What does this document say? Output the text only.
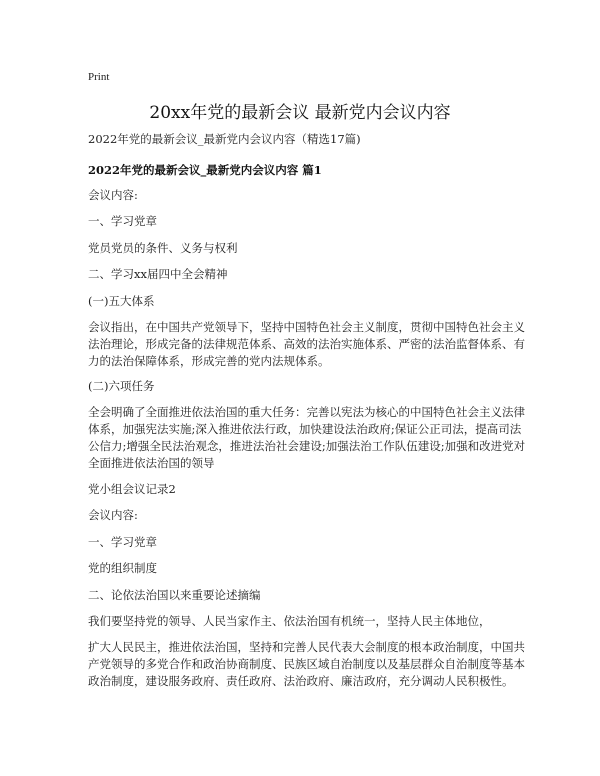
Print
20xx年党的最新会议 最新党内会议内容
2022年党的最新会议_最新党内会议内容（精选17篇)
2022年党的最新会议_最新党内会议内容 篇1
会议内容:
一、学习党章
党员党员的条件、义务与权利
二、学习xx届四中全会精神
(一)五大体系
会议指出，在中国共产党领导下，坚持中国特色社会主义制度，贯彻中国特色社会主义法治理论，形成完备的法律规范体系、高效的法治实施体系、严密的法治监督体系、有力的法治保障体系，形成完善的党内法规体系。
(二)六项任务
全会明确了全面推进依法治国的重大任务：完善以宪法为核心的中国特色社会主义法律体系，加强宪法实施;深入推进依法行政，加快建设法治政府;保证公正司法，提高司法公信力;增强全民法治观念，推进法治社会建设;加强法治工作队伍建设;加强和改进党对全面推进依法治国的领导
党小组会议记录2
会议内容:
一、学习党章
党的组织制度
二、论依法治国以来重要论述摘编
我们要坚持党的领导、人民当家作主、依法治国有机统一，坚持人民主体地位，
扩大人民民主，推进依法治国，坚持和完善人民代表大会制度的根本政治制度，中国共产党领导的多党合作和政治协商制度、民族区域自治制度以及基层群众自治制度等基本政治制度，建设服务政府、责任政府、法治政府、廉洁政府，充分调动人民积极性。
